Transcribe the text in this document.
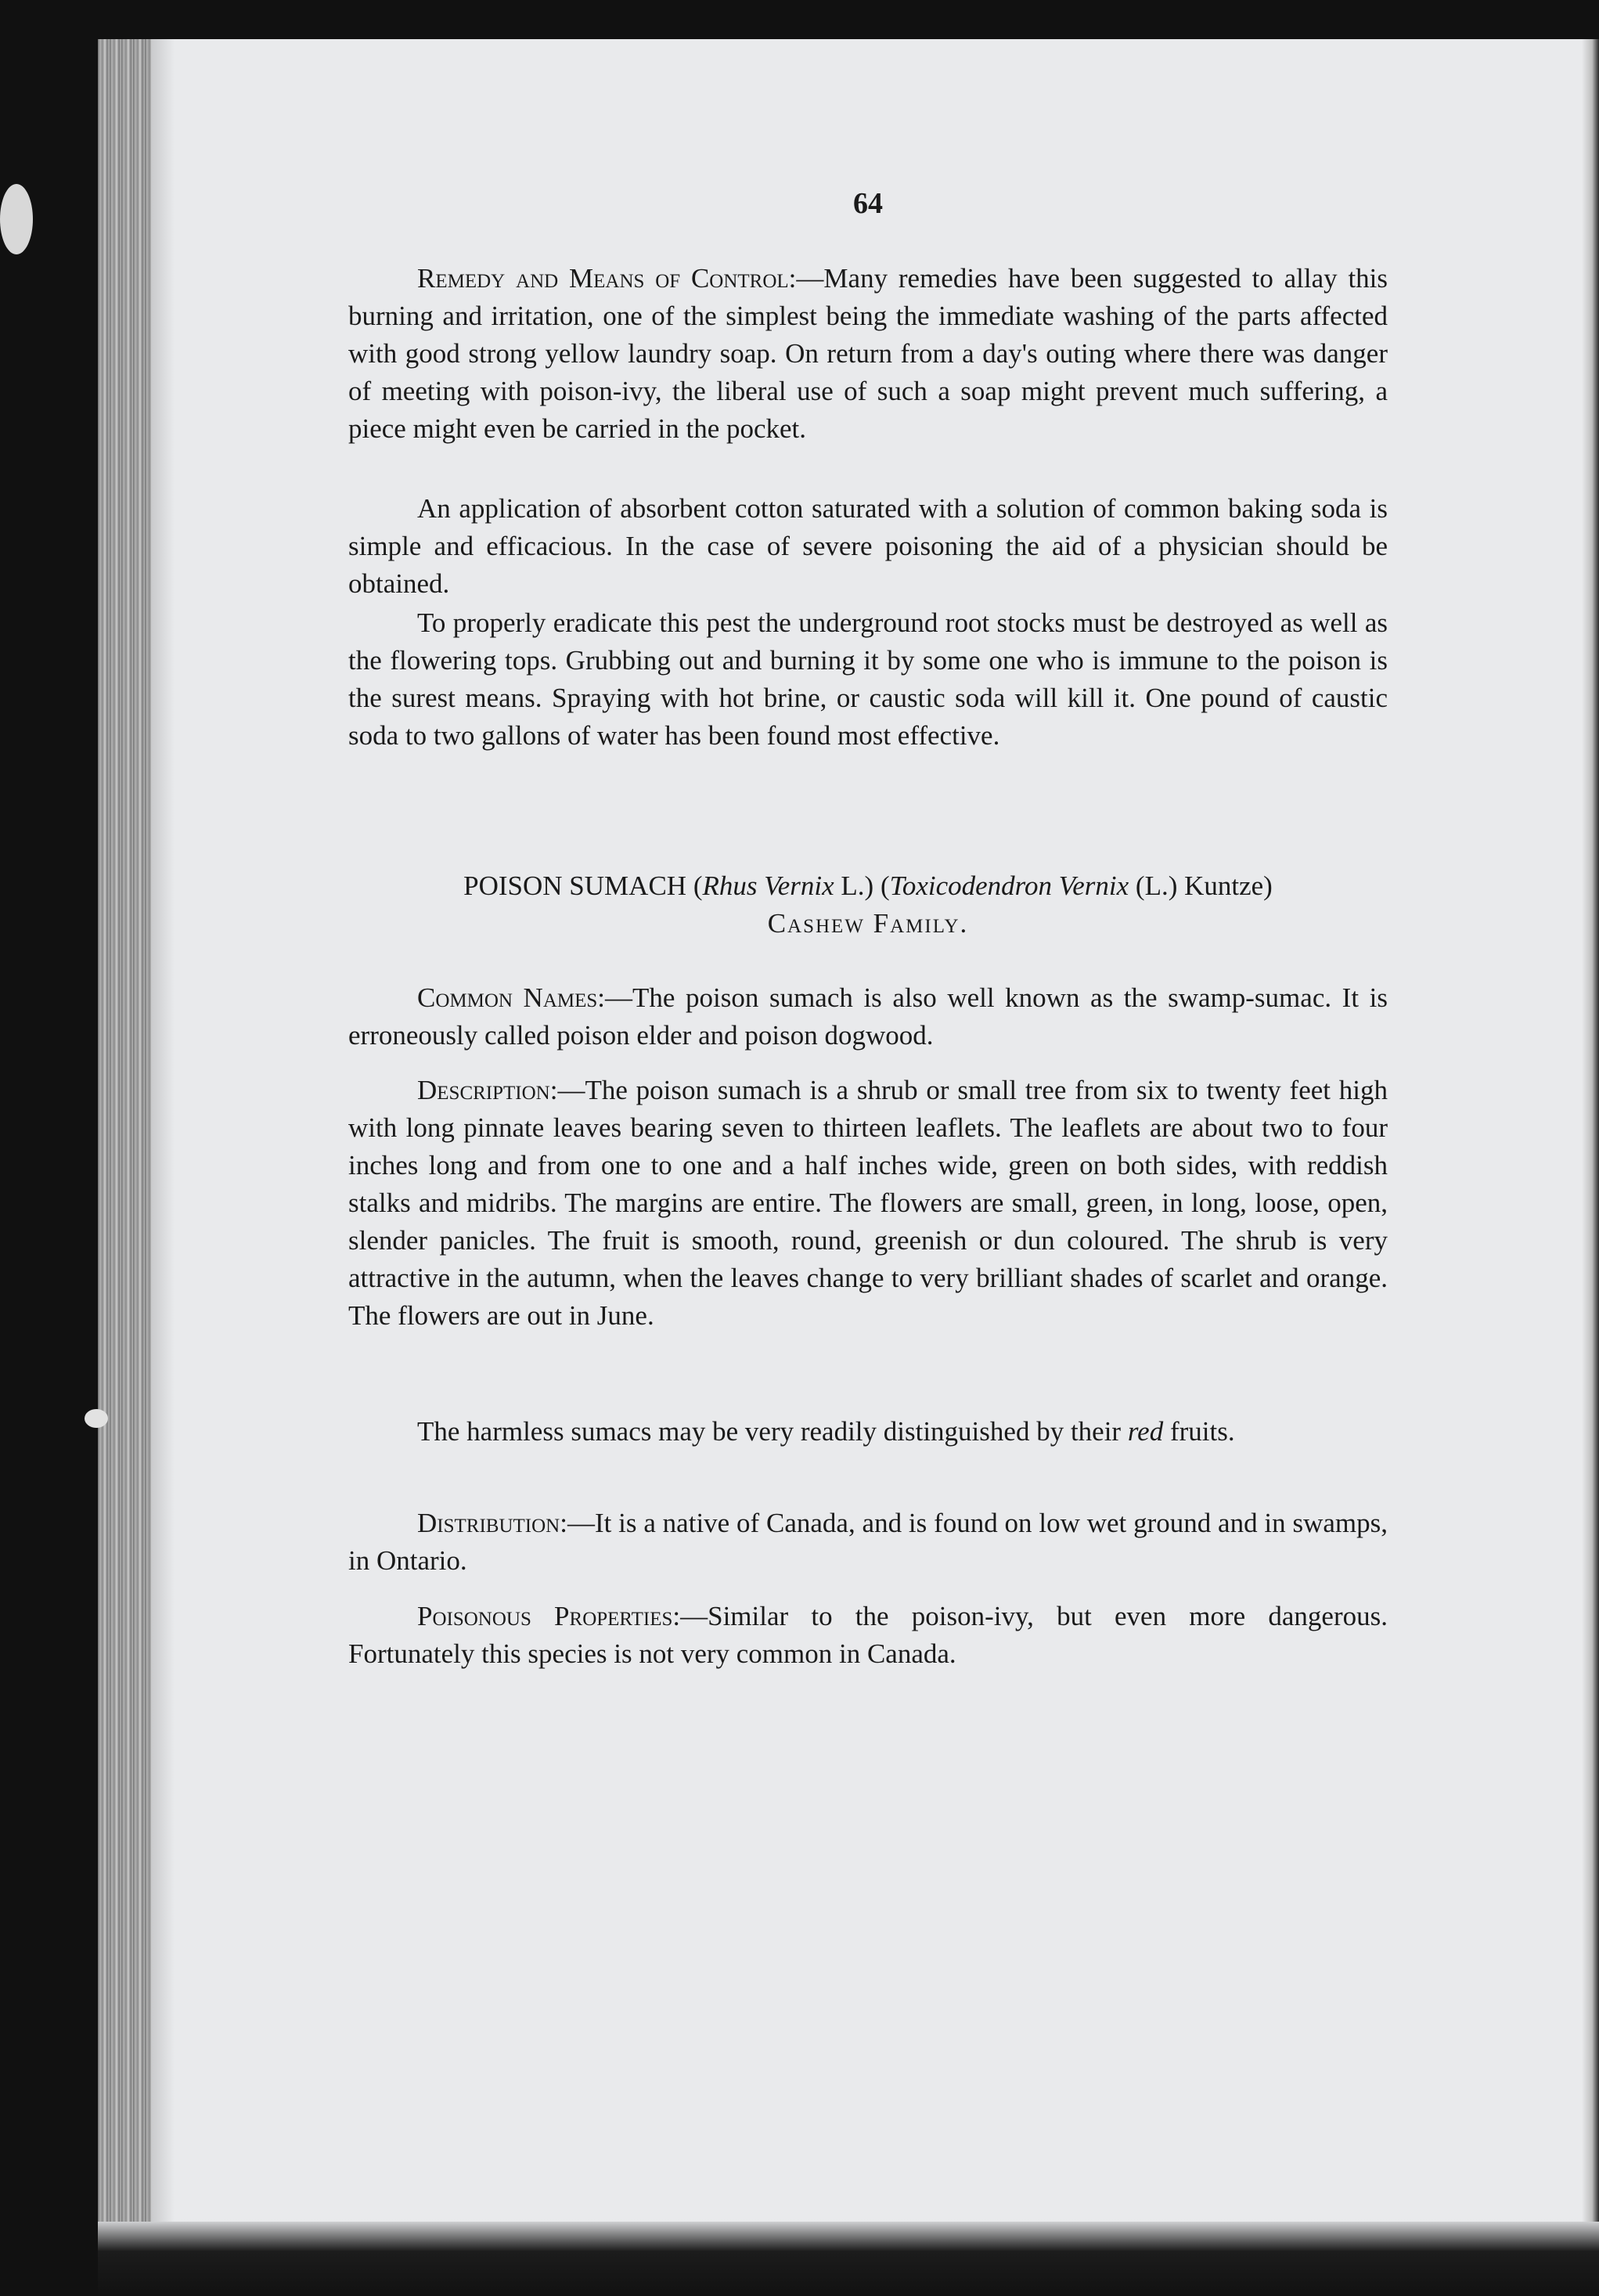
64

Remedy and Means of Control:—Many remedies have been suggested to allay this burning and irritation, one of the simplest being the immediate washing of the parts affected with good strong yellow laundry soap. On return from a day's outing where there was danger of meeting with poison-ivy, the liberal use of such a soap might prevent much suffering, a piece might even be carried in the pocket.

An application of absorbent cotton saturated with a solution of common baking soda is simple and efficacious. In the case of severe poisoning the aid of a physician should be obtained.

To properly eradicate this pest the underground root stocks must be destroyed as well as the flowering tops. Grubbing out and burning it by some one who is immune to the poison is the surest means. Spraying with hot brine, or caustic soda will kill it. One pound of caustic soda to two gallons of water has been found most effective.

POISON SUMACH (Rhus Vernix L.) (Toxicodendron Vernix (L.) Kuntze)
Cashew Family.

Common Names:—The poison sumach is also well known as the swamp-sumac. It is erroneously called poison elder and poison dogwood.

Description:—The poison sumach is a shrub or small tree from six to twenty feet high with long pinnate leaves bearing seven to thirteen leaflets. The leaflets are about two to four inches long and from one to one and a half inches wide, green on both sides, with reddish stalks and midribs. The margins are entire. The flowers are small, green, in long, loose, open, slender panicles. The fruit is smooth, round, greenish or dun coloured. The shrub is very attractive in the autumn, when the leaves change to very brilliant shades of scarlet and orange. The flowers are out in June.

The harmless sumacs may be very readily distinguished by their red fruits.

Distribution:—It is a native of Canada, and is found on low wet ground and in swamps, in Ontario.

Poisonous Properties:—Similar to the poison-ivy, but even more dangerous. Fortunately this species is not very common in Canada.
